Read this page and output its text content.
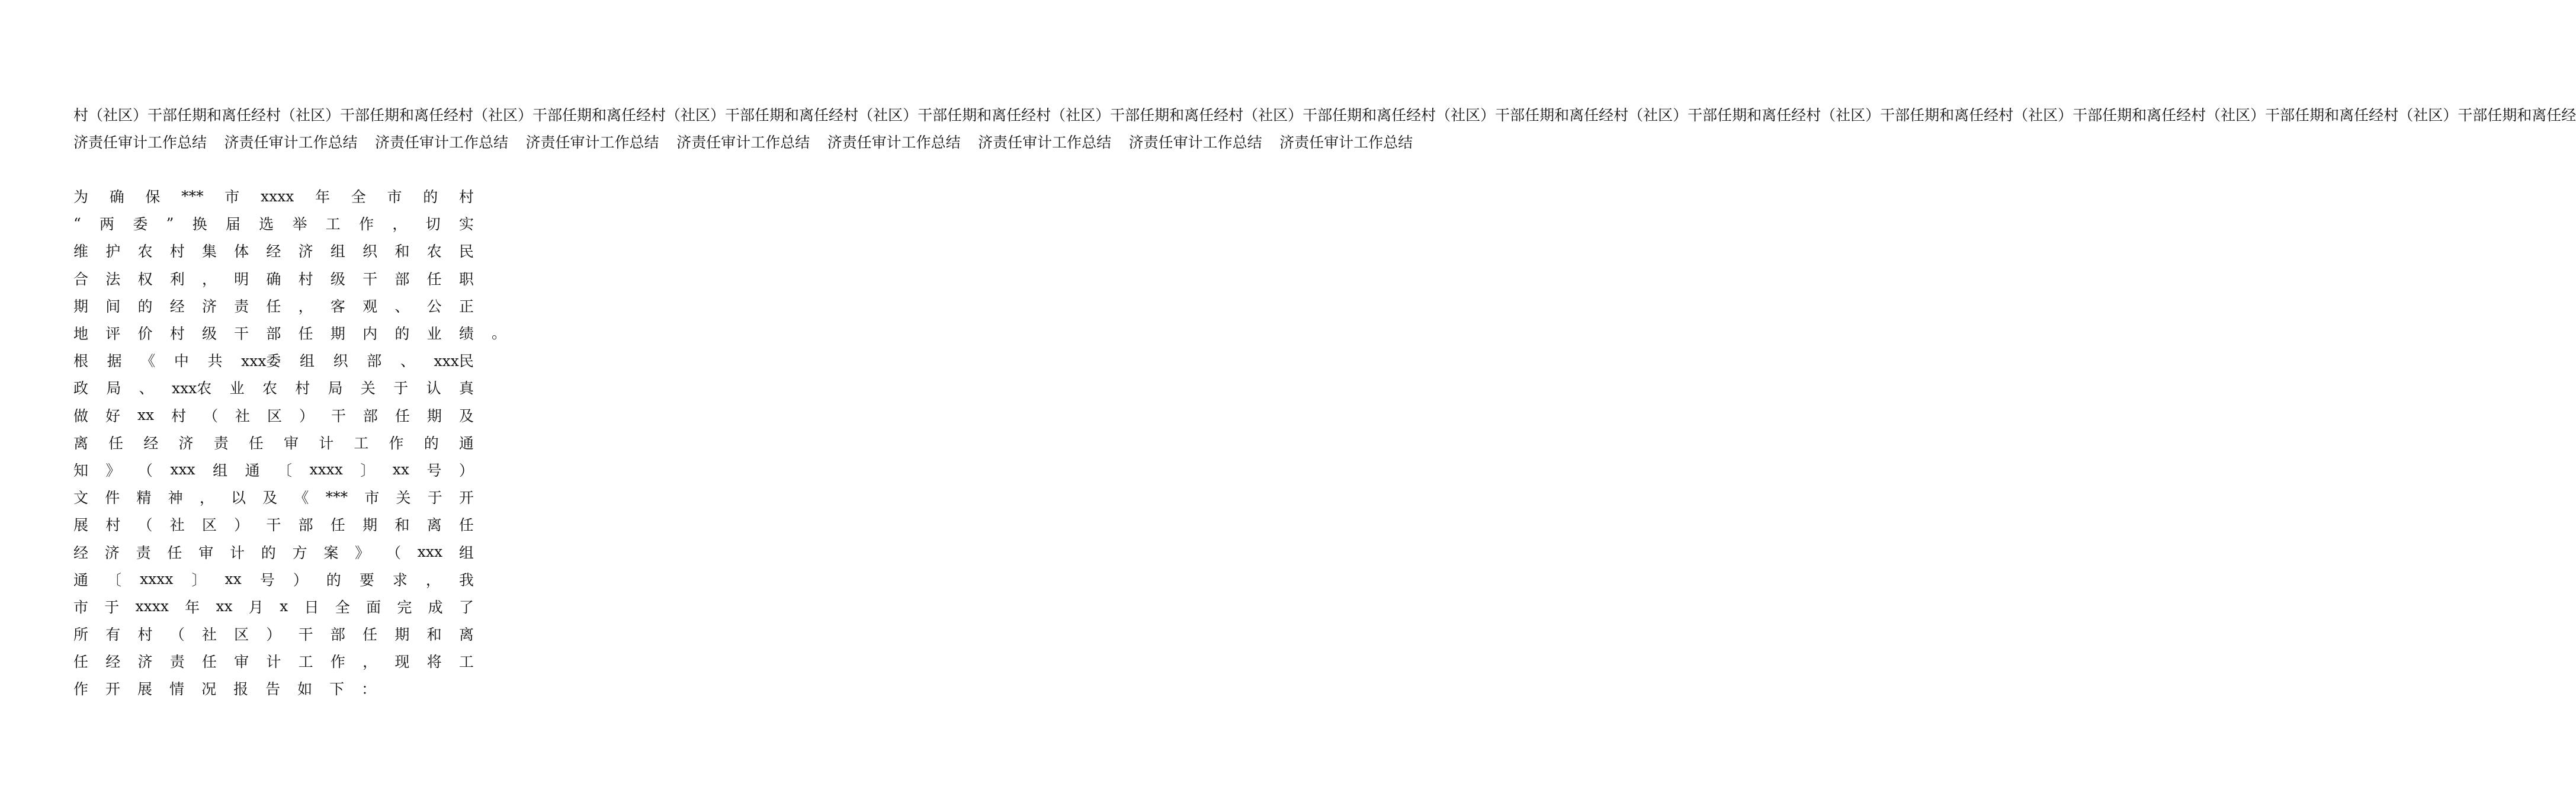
村（社区）干部任期和离任经 村（社区）干部任期和离任经 村（社区）干部任期和离任经 村（社区）干部任期和离任经 村（社区）干部任期和离任经 村（社区）干部任期和离任经 村（社区）干部任期和离任经 村（社区）干部任期和离任经 村（社区）干部任期和离任经 村（社区）干部任期和离任经 村（社区）干部任期和离任经 村（社区）干部任期和离任经 村（社区）干部任期和离任经
济责任审计工作总结 济责任审计工作总结 济责任审计工作总结 济责任审计工作总结 济责任审计工作总结 济责任审计工作总结 济责任审计工作总结 济责任审计工作总结 济责任审计工作总结
为 确 保 *** 市 xxxx 年 全 市 的 村
“ 两 委 ” 换 届 选 举 工 作 ， 切 实
维 护 农 村 集 体 经 济 组 织 和 农 民
合 法 权 利 ， 明 确 村 级 干 部 任 职
期 间 的 经 济 责 任 ， 客 观 、 公 正
地 评 价 村 级 干 部 任 期 内 的 业 绩
根 据 《 中 共 xxx委 组 织 部 、 xxx民
政 局 、 xxx农 业 农 村 局 关 于 认 真
做 好 xx 村 （ 社 区 ） 干 部 任 期 及
离 任 经 济 责 任 审 计 工 作 的 通
知 》 （ xxx 组 通 〔 xxxx 〕 xx 号 ）
文 件 精 神 ， 以 及 《 *** 市 关 于 开
展 村 （ 社 区 ） 干 部 任 期 和 离 任
经 济 责 任 审 计 的 方 案 》 （ xxx 组
通 〔 xxxx 〕 xx 号 ） 的 要 求 ， 我
市 于 xxxx 年 xx 月 x 日 全 面 完 成 了
所 有 村 （ 社 区 ） 干 部 任 期 和 离
任 经 济 责 任 审 计 工 作 ， 现 将 工
作 开 展 情 况 报 告 如 下 ：
。
